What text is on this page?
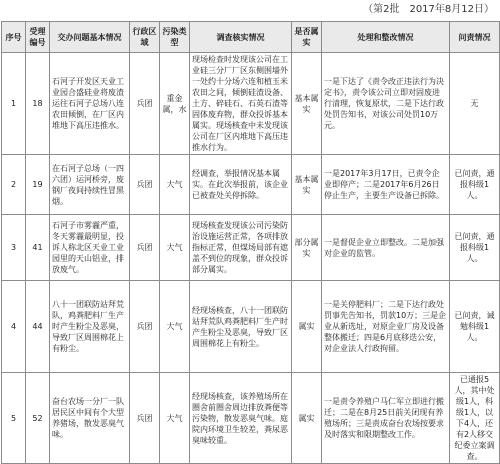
（第2批　2017年8月12日）
序号	受理编号	交办问题基本情况	行政区域	污染类型	调查核实情况	是否属实	处理和整改情况	问责情况
1	18	石河子开发区天业工业园合盛硅业将废渣运往石河子总场八连农田倾倒，在厂区内堆地下高压违推水。	兵团	重金属，水	现场检查时发现该公司在工业硅三分厂厂区东侧围墙外一处约十分场六连和植玉米农田之间，倾倒硅渣设备、土方、碎硅石、石英石渣等固体废弃物，群众投诉基本属实。现场核查中未发现该公司在厂区内堆地下高压违推水行为。	基本属实	一是下达了《责令改正违法行为决定书》，责令该公司立即对固废进行清理，恢复原状，二是下达行政处罚告知书，对该公司处罚10万元。	无
2	19	在石河子总场（一四六团）运河桥旁，废钢厂夜间持续性冒黑烟。	兵团	大气	经调查，举报情况基本属实。在此次举报前，该企业已被查处关停拆除。	基本属实	一是2017年3月17日，已责令企业即停产；二是2017年6月26日停止生产，主要生产设备已拆除。	已问责，通报科级1人。
3	41	石河子市雾霾严重，冬天雾霾最明显，投诉人称北区天业工业园里的天山铝业，排放废气。	兵团	大气	现场核查发现该公司污染防治设施运营正常，各项排放指标正常，但煤场局部有遮盖不到位的现象，群众投诉部分属实。	部分属实	一是督促企业立即整改。二是加强对企业的监管。	已问责，通报科级1人。
4	44	八十一团联防站拜荒队，鸡粪肥料厂生产时产生粉尘及恶臭，导致厂区周围棉花上有粉尘。	兵团	大气	经现场核查，八十一团联防站拜荒队鸡粪肥料厂生产时产生粉尘及恶臭，导致厂区周围棉花上有粉尘。	属实	一是关停肥料厂；二是下达行政处罚事先告知书，罚款10万；三是企业从新选址，对原企业厂房及设备整体搬迁；四是6月底移迭公安，对企业法人行政拘留。	已问责，诫勉科级1人。
5	52	奋台农场一分厂一队居民区中间有个大型养猪场，散发恶臭气味。	兵团	大气	经现场核查，该养殖场所在圈舍前圈舍周边排放粪便等污染物，散发恶臭气味。庭院内环境卫生较差，粪尿恶臭味较重。	属实	一是责令养殖户马仁军立即进行搬迁；二是在8月25日前关闭现有养殖场所；三是责成奋台农场按要求及时落实和限期整改工作。	已通报5人，其中处级1人，科级1人，以下4人，还有2人移交纪委立案调查。
